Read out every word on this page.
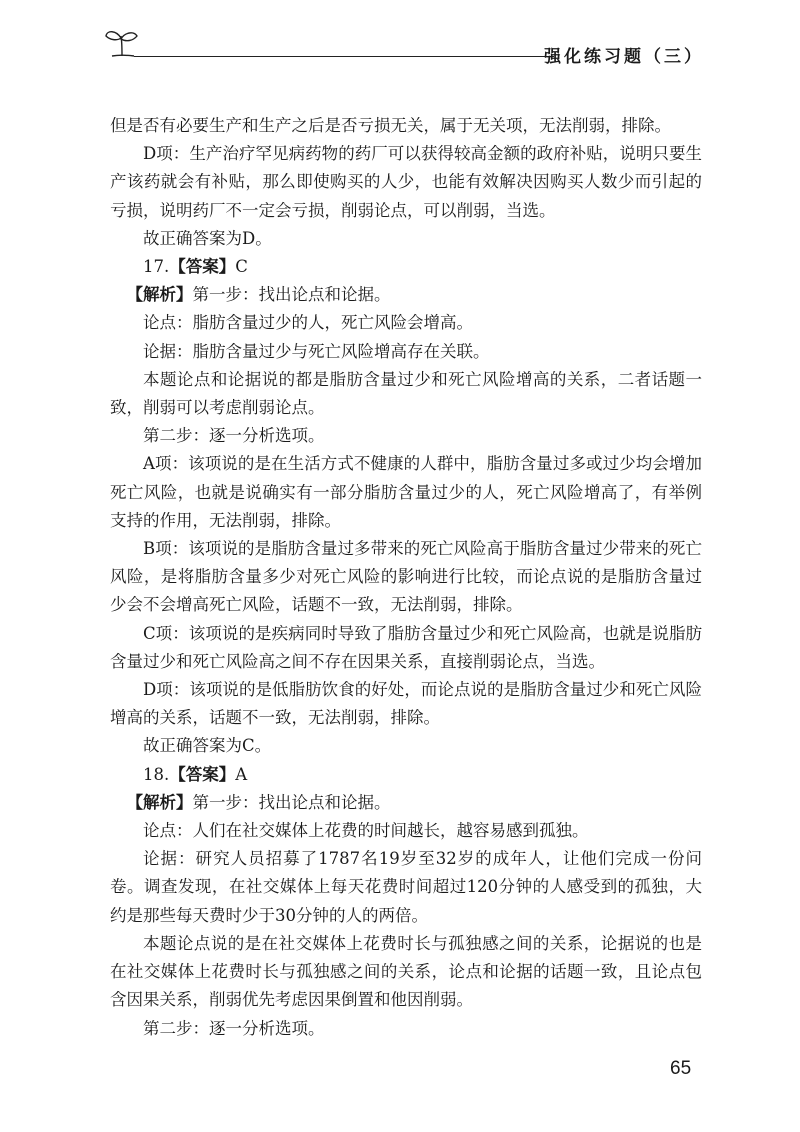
强化练习题（三）

但是否有必要生产和生产之后是否亏损无关，属于无关项，无法削弱，排除。

D项：生产治疗罕见病药物的药厂可以获得较高金额的政府补贴，说明只要生产该药就会有补贴，那么即使购买的人少，也能有效解决因购买人数少而引起的亏损，说明药厂不一定会亏损，削弱论点，可以削弱，当选。

故正确答案为D。

17.【答案】C

【解析】第一步：找出论点和论据。

论点：脂肪含量过少的人，死亡风险会增高。

论据：脂肪含量过少与死亡风险增高存在关联。

本题论点和论据说的都是脂肪含量过少和死亡风险增高的关系，二者话题一致，削弱可以考虑削弱论点。

第二步：逐一分析选项。

A项：该项说的是在生活方式不健康的人群中，脂肪含量过多或过少均会增加死亡风险，也就是说确实有一部分脂肪含量过少的人，死亡风险增高了，有举例支持的作用，无法削弱，排除。

B项：该项说的是脂肪含量过多带来的死亡风险高于脂肪含量过少带来的死亡风险，是将脂肪含量多少对死亡风险的影响进行比较，而论点说的是脂肪含量过少会不会增高死亡风险，话题不一致，无法削弱，排除。

C项：该项说的是疾病同时导致了脂肪含量过少和死亡风险高，也就是说脂肪含量过少和死亡风险高之间不存在因果关系，直接削弱论点，当选。

D项：该项说的是低脂肪饮食的好处，而论点说的是脂肪含量过少和死亡风险增高的关系，话题不一致，无法削弱，排除。

故正确答案为C。

18.【答案】A

【解析】第一步：找出论点和论据。

论点：人们在社交媒体上花费的时间越长，越容易感到孤独。

论据：研究人员招募了1787名19岁至32岁的成年人，让他们完成一份问卷。调查发现，在社交媒体上每天花费时间超过120分钟的人感受到的孤独，大约是那些每天费时少于30分钟的人的两倍。

本题论点说的是在社交媒体上花费时长与孤独感之间的关系，论据说的也是在社交媒体上花费时长与孤独感之间的关系，论点和论据的话题一致，且论点包含因果关系，削弱优先考虑因果倒置和他因削弱。

第二步：逐一分析选项。

65
